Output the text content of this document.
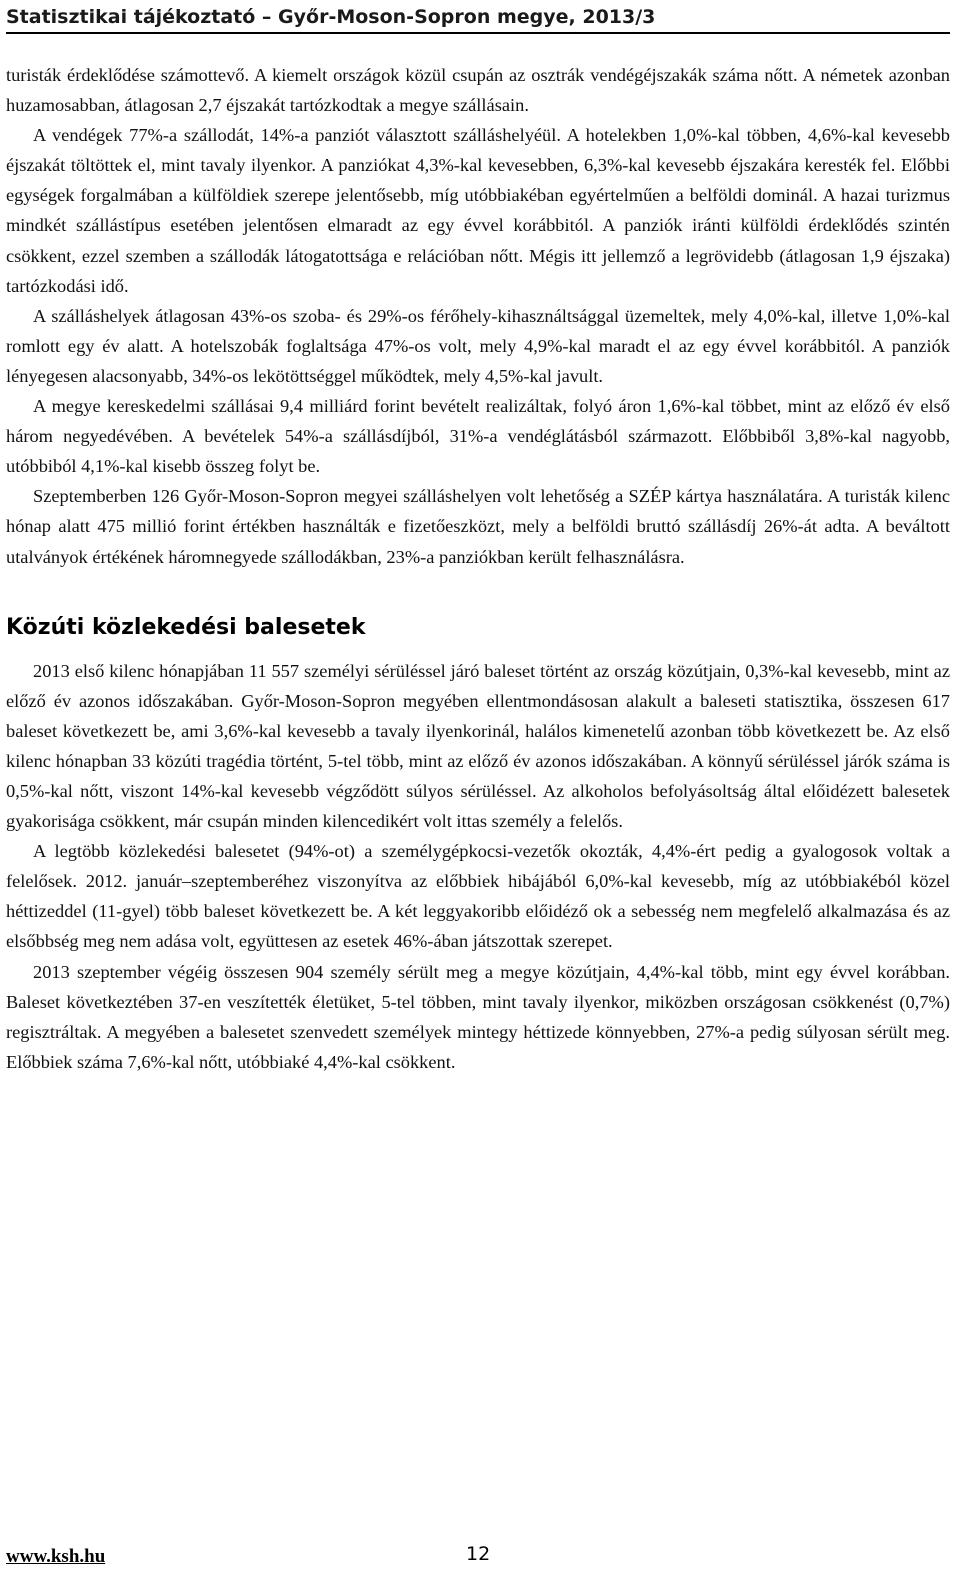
Statisztikai tájékoztató – Győr-Moson-Sopron megye, 2013/3

turisták érdeklődése számottevő. A kiemelt országok közül csupán az osztrák vendégéjszakák száma nőtt. A németek azonban huzamosabban, átlagosan 2,7 éjszakát tartózkodtak a megye szállásain.

A vendégek 77%-a szállodát, 14%-a panziót választott szálláshelyéül. A hotelekben 1,0%-kal többen, 4,6%-kal kevesebb éjszakát töltöttek el, mint tavaly ilyenkor. A panziókat 4,3%-kal kevesebben, 6,3%-kal kevesebb éjszakára keresték fel. Előbbi egységek forgalmában a külföldiek szerepe jelentősebb, míg utóbbiakéban egyértelműen a belföldi dominál. A hazai turizmus mindkét szállástípus esetében jelentősen elmaradt az egy évvel korábbitól. A panziók iránti külföldi érdeklődés szintén csökkent, ezzel szemben a szállodák látogatottsága e relációban nőtt. Mégis itt jellemző a legrövidebb (átlagosan 1,9 éjszaka) tartózkodási idő.

A szálláshelyek átlagosan 43%-os szoba- és 29%-os férőhely-kihasználtsággal üzemeltek, mely 4,0%-kal, illetve 1,0%-kal romlott egy év alatt. A hotelszobák foglaltsága 47%-os volt, mely 4,9%-kal maradt el az egy évvel korábbitól. A panziók lényegesen alacsonyabb, 34%-os lekötöttséggel működtek, mely 4,5%-kal javult.

A megye kereskedelmi szállásai 9,4 milliárd forint bevételt realizáltak, folyó áron 1,6%-kal többet, mint az előző év első három negyedévében. A bevételek 54%-a szállásdíjból, 31%-a vendéglátásból származott. Előbbiből 3,8%-kal nagyobb, utóbbiból 4,1%-kal kisebb összeg folyt be.

Szeptemberben 126 Győr-Moson-Sopron megyei szálláshelyen volt lehetőség a SZÉP kártya használatára. A turisták kilenc hónap alatt 475 millió forint értékben használták e fizetőeszközt, mely a belföldi bruttó szállásdíj 26%-át adta. A beváltott utalványok értékének háromnegyede szállodákban, 23%-a panziókban került felhasználásra.

Közúti közlekedési balesetek

2013 első kilenc hónapjában 11 557 személyi sérüléssel járó baleset történt az ország közútjain, 0,3%-kal kevesebb, mint az előző év azonos időszakában. Győr-Moson-Sopron megyében ellentmondásosan alakult a baleseti statisztika, összesen 617 baleset következett be, ami 3,6%-kal kevesebb a tavaly ilyenkorinál, halálos kimenetelű azonban több következett be. Az első kilenc hónapban 33 közúti tragédia történt, 5-tel több, mint az előző év azonos időszakában. A könnyű sérüléssel járók száma is 0,5%-kal nőtt, viszont 14%-kal kevesebb végződött súlyos sérüléssel. Az alkoholos befolyásoltság által előidézett balesetek gyakorisága csökkent, már csupán minden kilencedikért volt ittas személy a felelős.

A legtöbb közlekedési balesetet (94%-ot) a személygépkocsi-vezetők okozták, 4,4%-ért pedig a gyalogosok voltak a felelősek. 2012. január–szeptemberéhez viszonyítva az előbbiek hibájából 6,0%-kal kevesebb, míg az utóbbiakéból közel héttizeddel (11-gyel) több baleset következett be. A két leggyakoribb előidéző ok a sebesség nem megfelelő alkalmazása és az elsőbbség meg nem adása volt, együttesen az esetek 46%-ában játszottak szerepet.

2013 szeptember végéig összesen 904 személy sérült meg a megye közútjain, 4,4%-kal több, mint egy évvel korábban. Baleset következtében 37-en veszítették életüket, 5-tel többen, mint tavaly ilyenkor, miközben országosan csökkenést (0,7%) regisztráltak. A megyében a balesetet szenvedett személyek mintegy héttizede könnyebben, 27%-a pedig súlyosan sérült meg. Előbbiek száma 7,6%-kal nőtt, utóbbiaké 4,4%-kal csökkent.

www.ksh.hu	12
